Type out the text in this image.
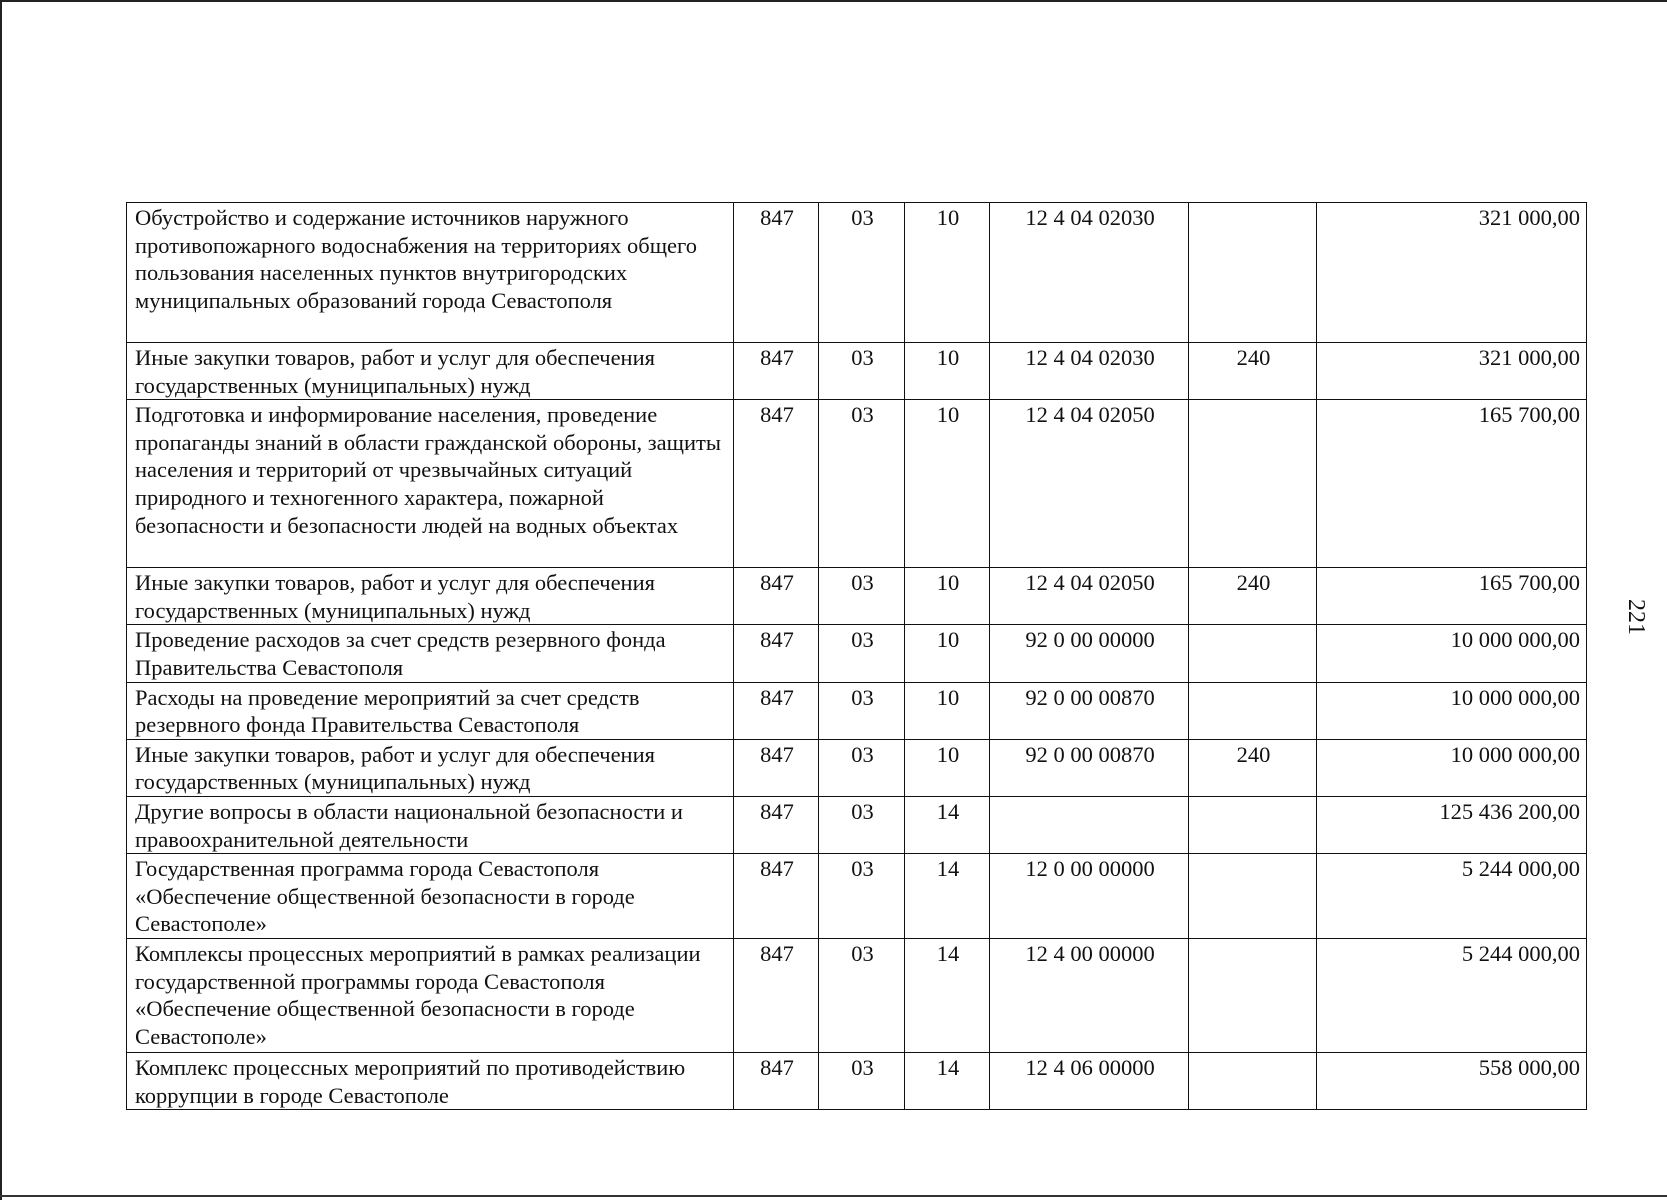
Обустройство и содержание источников наружного противопожарного водоснабжения на территориях общего пользования населенных пунктов внутригородских муниципальных образований города Севастополя	847	03	10	12 4 04 02030		321 000,00
Иные закупки товаров, работ и услуг для обеспечения государственных (муниципальных) нужд	847	03	10	12 4 04 02030	240	321 000,00
Подготовка и информирование населения, проведение пропаганды знаний в области гражданской обороны, защиты населения и территорий от чрезвычайных ситуаций природного и техногенного характера, пожарной безопасности и безопасности людей на водных объектах	847	03	10	12 4 04 02050		165 700,00
Иные закупки товаров, работ и услуг для обеспечения государственных (муниципальных) нужд	847	03	10	12 4 04 02050	240	165 700,00
Проведение расходов за счет средств резервного фонда Правительства Севастополя	847	03	10	92 0 00 00000		10 000 000,00
Расходы на проведение мероприятий за счет средств резервного фонда Правительства Севастополя	847	03	10	92 0 00 00870		10 000 000,00
Иные закупки товаров, работ и услуг для обеспечения государственных (муниципальных) нужд	847	03	10	92 0 00 00870	240	10 000 000,00
Другие вопросы в области национальной безопасности и правоохранительной деятельности	847	03	14			125 436 200,00
Государственная программа города Севастополя «Обеспечение общественной безопасности в городе Севастополе»	847	03	14	12 0 00 00000		5 244 000,00
Комплексы процессных мероприятий в рамках реализации государственной программы города Севастополя «Обеспечение общественной безопасности в городе Севастополе»	847	03	14	12 4 00 00000		5 244 000,00
Комплекс процессных мероприятий по противодействию коррупции в городе Севастополе	847	03	14	12 4 06 00000		558 000,00
221
